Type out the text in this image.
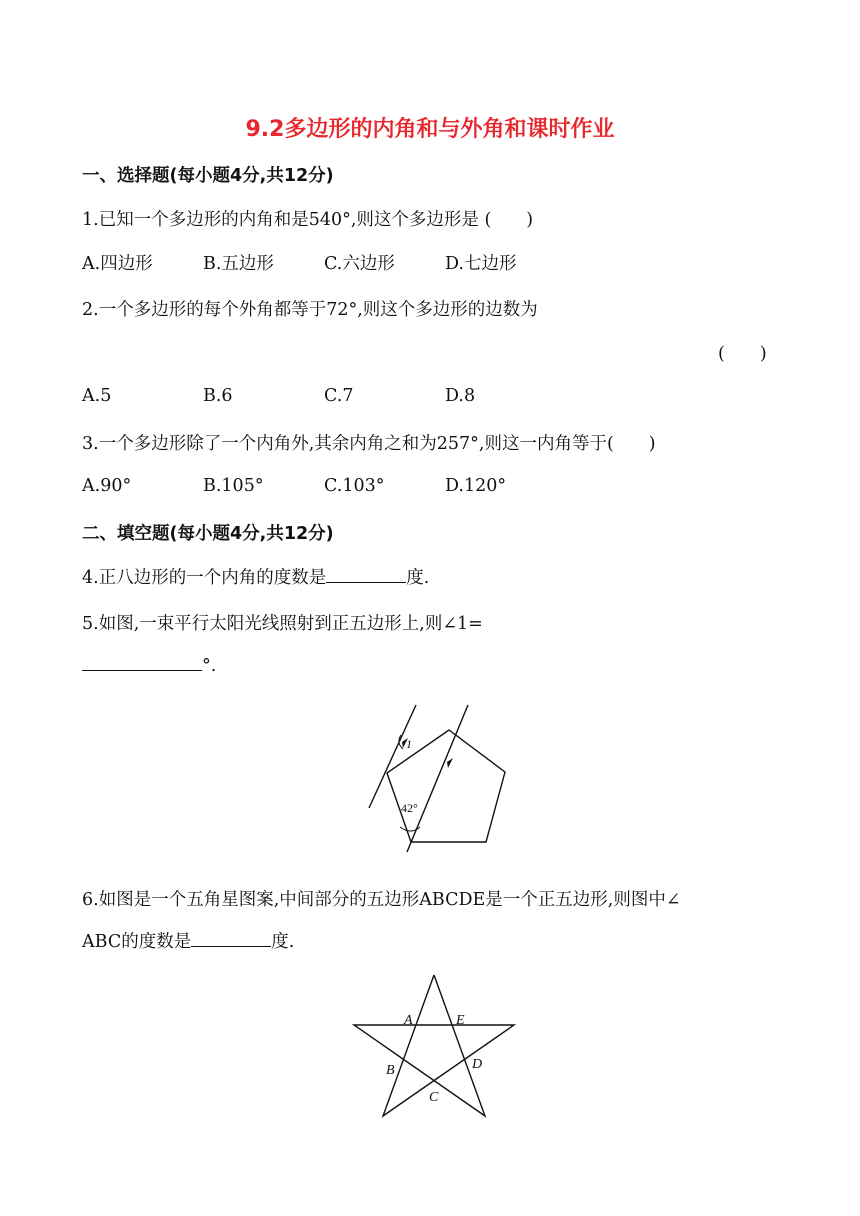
9.2多边形的内角和与外角和课时作业
一、选择题(每小题4分,共12分)
1.已知一个多边形的内角和是540°,则这个多边形是 (　　)
A.四边形	B.五边形	C.六边形	D.七边形
2.一个多边形的每个外角都等于72°,则这个多边形的边数为
(　　)
A.5	B.6	C.7	D.8
3.一个多边形除了一个内角外,其余内角之和为257°,则这一内角等于(　　)
A.90°	B.105°	C.103°	D.120°
二、填空题(每小题4分,共12分)
4.正八边形的一个内角的度数是	度.
5.如图,一束平行太阳光线照射到正五边形上,则∠1=
°.
1
42°
6.如图是一个五角星图案,中间部分的五边形ABCDE是一个正五边形,则图中∠
ABC的度数是	度.
A	E
B	D
C
